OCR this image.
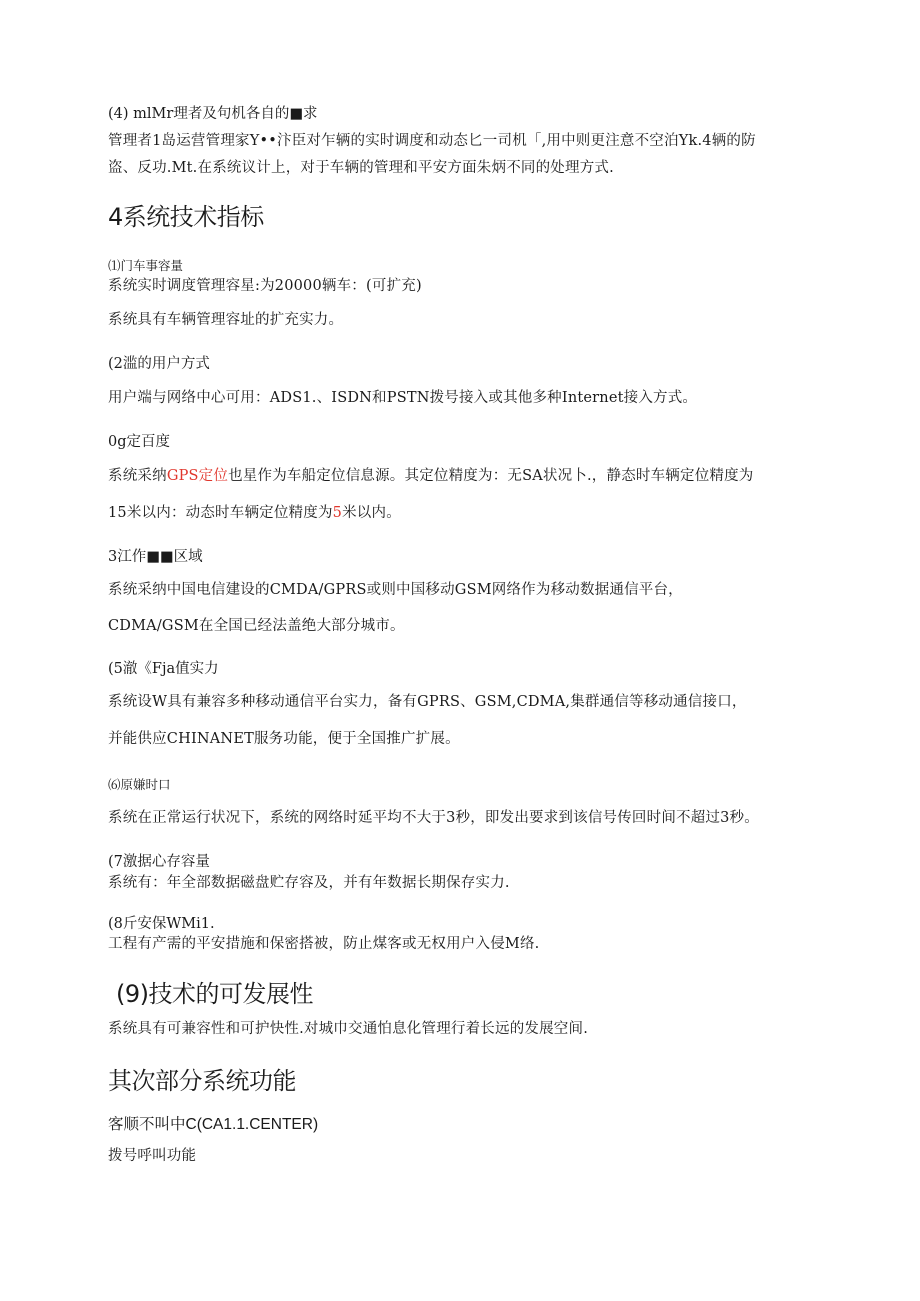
(4) mlMr理者及句机各自的■求
管理者1岛运营管理家Y••汴臣对乍辆的实时调度和动态匕一司机「,用中则更注意不空泊Yk.4辆的防
盗、反功.Mt.在系统议计上，对于车辆的管理和平安方面朱炳不同的处理方式.
4系统技术指标
⑴门车事容量
系统实时调度管理容星:为20000辆车：(可扩充)
系统具有车辆管理容址的扩充实力。
(2滥的用户方式
用户端与网络中心可用：ADS1.、ISDN和PSTN拨号接入或其他多种Internet接入方式。
0g定百度
系统采纳GPS定位也星作为车船定位信息源。其定位精度为：无SA状况卜.，静态时车辆定位精度为
15米以内：动态时车辆定位精度为5米以内。
3江作■■区域
系统采纳中国电信建设的CMDA/GPRS或则中国移动GSM网络作为移动数据通信平台，
CDMA/GSM在全国已经法盖绝大部分城市。
(5澈《Fja值实力
系统设W具有兼容多种移动通信平台实力，备有GPRS、GSM,CDMA,集群通信等移动通信接口，
并能供应CHINANET服务功能，便于全国推广扩展。
⑹原嫌时口
系统在正常运行状况下，系统的网络时延平均不大于3秒，即发出要求到该信号传回时间不超过3秒。
(7激据心存容量
系统有：年全部数据磁盘贮存容及，并有年数据长期保存实力.
(8斤安保WMi1.
工程有产需的平安措施和保密搭被，防止煤客或无权用户入侵M络.
(9)技术的可发展性
系统具有可兼容性和可护快性.对城巾交通怕息化管理行着长远的发展空间.
其次部分系统功能
客顺不叫中C(CA1.1.CENTER)
拨号呼叫功能
